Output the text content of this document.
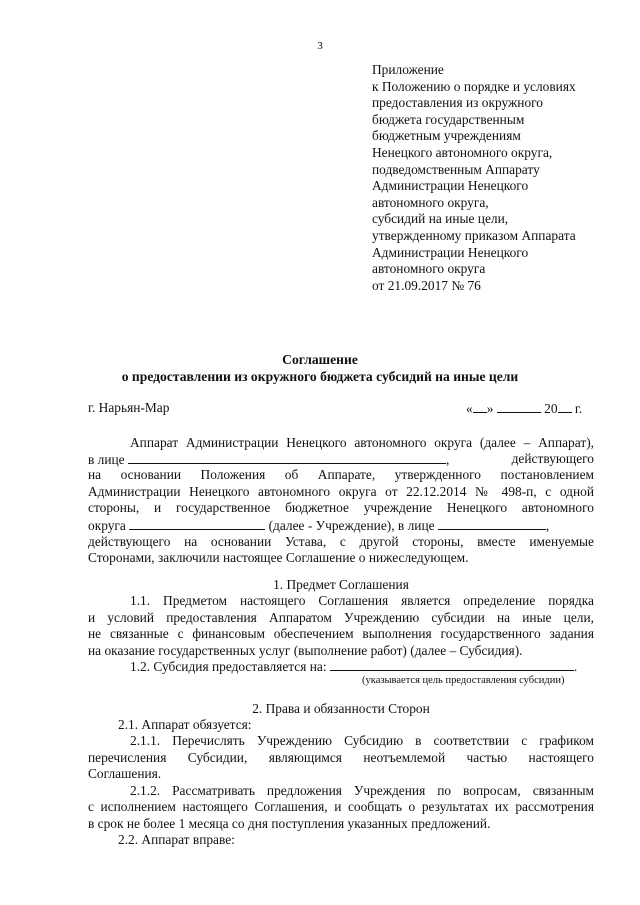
3
Приложение
к Положению о порядке и условиях
предоставления из окружного
бюджета государственным
бюджетным учреждениям
Ненецкого автономного округа,
подведомственным Аппарату
Администрации Ненецкого
автономного округа,
субсидий на иные цели,
утвержденному приказом Аппарата
Администрации Ненецкого
автономного округа
от 21.09.2017 № 76
Соглашение
о предоставлении из окружного бюджета субсидий на иные цели
г. Нарьян-Мар	« »	20 г.
Аппарат Администрации Ненецкого автономного округа (далее – Аппарат),
в лице	,	действующего
на основании Положения об Аппарате, утвержденного постановлением
Администрации Ненецкого автономного округа от 22.12.2014 № 498-п, с одной
стороны, и государственное бюджетное учреждение Ненецкого автономного
округа	(далее - Учреждение), в лице	,
действующего на основании Устава, с другой стороны, вместе именуемые
Сторонами, заключили настоящее Соглашение о нижеследующем.
1. Предмет Соглашения
1.1. Предметом настоящего Соглашения является определение порядка
и условий предоставления Аппаратом Учреждению субсидии на иные цели,
не связанные с финансовым обеспечением выполнения государственного задания
на оказание государственных услуг (выполнение работ) (далее – Субсидия).
1.2. Субсидия предоставляется на:	.
(указывается цель предоставления субсидии)
2. Права и обязанности Сторон
2.1. Аппарат обязуется:
2.1.1. Перечислять Учреждению Субсидию в соответствии с графиком
перечисления Субсидии, являющимся неотъемлемой частью настоящего
Соглашения.
2.1.2. Рассматривать предложения Учреждения по вопросам, связанным
с исполнением настоящего Соглашения, и сообщать о результатах их рассмотрения
в срок не более 1 месяца со дня поступления указанных предложений.
2.2. Аппарат вправе:
